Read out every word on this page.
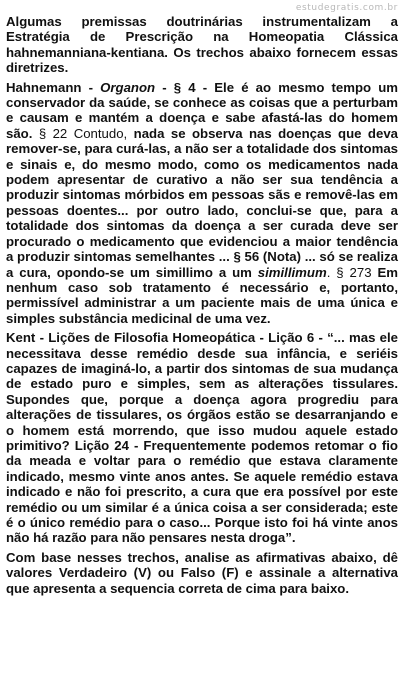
estudegratis.com.br

Algumas premissas doutrinárias instrumentalizam a Estratégia de Prescrição na Homeopatia Clássica hahnemanniana-kentiana. Os trechos abaixo fornecem essas diretrizes.

Hahnemann - Organon - § 4 - Ele é ao mesmo tempo um conservador da saúde, se conhece as coisas que a perturbam e causam e mantém a doença e sabe afastá-las do homem são. § 22 Contudo, nada se observa nas doenças que deva remover-se, para curá-las, a não ser a totalidade dos sintomas e sinais e, do mesmo modo, como os medicamentos nada podem apresentar de curativo a não ser sua tendência a produzir sintomas mórbidos em pessoas sãs e removê-las em pessoas doentes... por outro lado, conclui-se que, para a totalidade dos sintomas da doença a ser curada deve ser procurado o medicamento que evidenciou a maior tendência a produzir sintomas semelhantes ... § 56 (Nota) ... só se realiza a cura, opondo-se um simillimo a um simillimum. § 273 Em nenhum caso sob tratamento é necessário e, portanto, permissível administrar a um paciente mais de uma única e simples substância medicinal de uma vez.

Kent - Lições de Filosofia Homeopática - Lição 6 - “... mas ele necessitava desse remédio desde sua infância, e seriéis capazes de imaginá-lo, a partir dos sintomas de sua mudança de estado puro e simples, sem as alterações tissulares. Supondes que, porque a doença agora progrediu para alterações de tissulares, os órgãos estão se desarranjando e o homem está morrendo, que isso mudou aquele estado primitivo? Lição 24 - Frequentemente podemos retomar o fio da meada e voltar para o remédio que estava claramente indicado, mesmo vinte anos antes. Se aquele remédio estava indicado e não foi prescrito, a cura que era possível por este remédio ou um similar é a única coisa a ser considerada; este é o único remédio para o caso... Porque isto foi há vinte anos não há razão para não pensares nesta droga”.

Com base nesses trechos, analise as afirmativas abaixo, dê valores Verdadeiro (V) ou Falso (F) e assinale a alternativa que apresenta a sequencia correta de cima para baixo.
